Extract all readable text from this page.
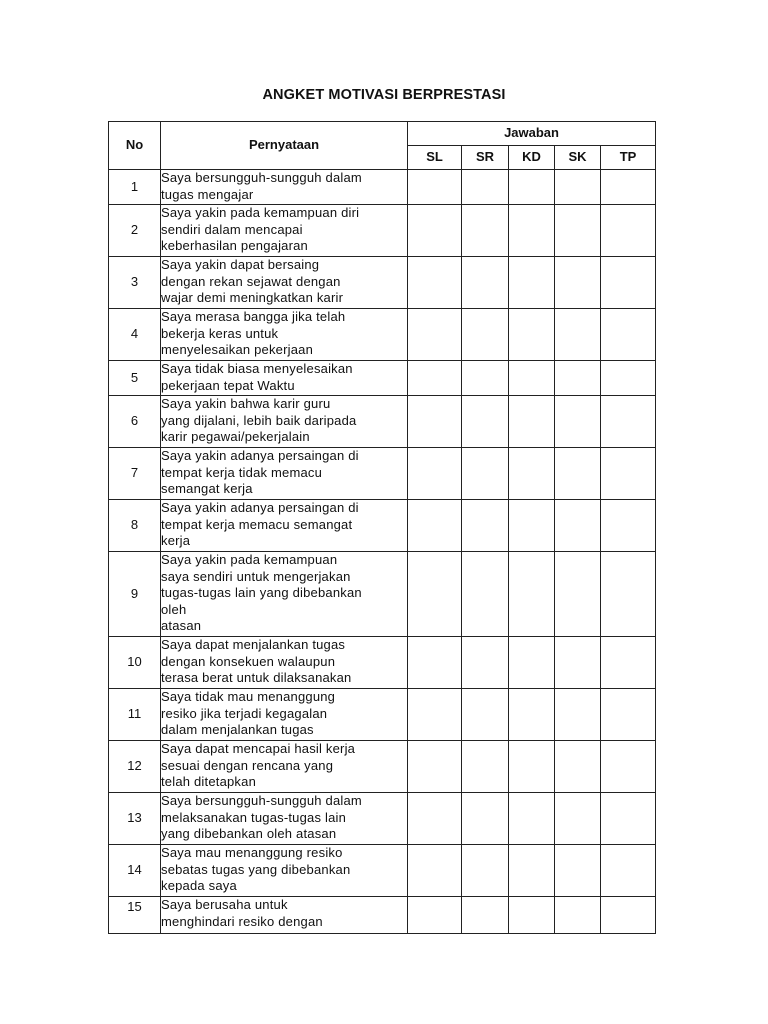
ANGKET MOTIVASI BERPRESTASI
No	Pernyataan	Jawaban				
		SL	SR	KD	SK	TP
1	Saya bersungguh-sungguh dalam
tugas mengajar					

2	Saya yakin pada kemampuan diri
sendiri dalam mencapai
keberhasilan pengajaran					

3	Saya yakin dapat bersaing
dengan rekan sejawat dengan
wajar demi meningkatkan karir					

4	Saya merasa bangga jika telah
bekerja keras untuk
menyelesaikan pekerjaan					

5	Saya tidak biasa menyelesaikan
pekerjaan tepat Waktu					

6	Saya yakin bahwa karir guru
yang dijalani, lebih baik daripada
karir pegawai/pekerjalain					

7	Saya yakin adanya persaingan di
tempat kerja tidak memacu
semangat kerja					

8	Saya yakin adanya persaingan di
tempat kerja memacu semangat
kerja					

9	Saya yakin pada kemampuan
saya sendiri untuk mengerjakan
tugas-tugas lain yang dibebankan
oleh
atasan					

10	Saya dapat menjalankan tugas
dengan konsekuen walaupun
terasa berat untuk dilaksanakan					

11	Saya tidak mau menanggung
resiko jika terjadi kegagalan
dalam menjalankan tugas					

12	Saya dapat mencapai hasil kerja
sesuai dengan rencana yang
telah ditetapkan					

13	Saya bersungguh-sungguh dalam
melaksanakan tugas-tugas lain
yang dibebankan oleh atasan					

14	Saya mau menanggung resiko
sebatas tugas yang dibebankan
kepada saya					

15	Saya berusaha untuk
menghindari resiko dengan					
